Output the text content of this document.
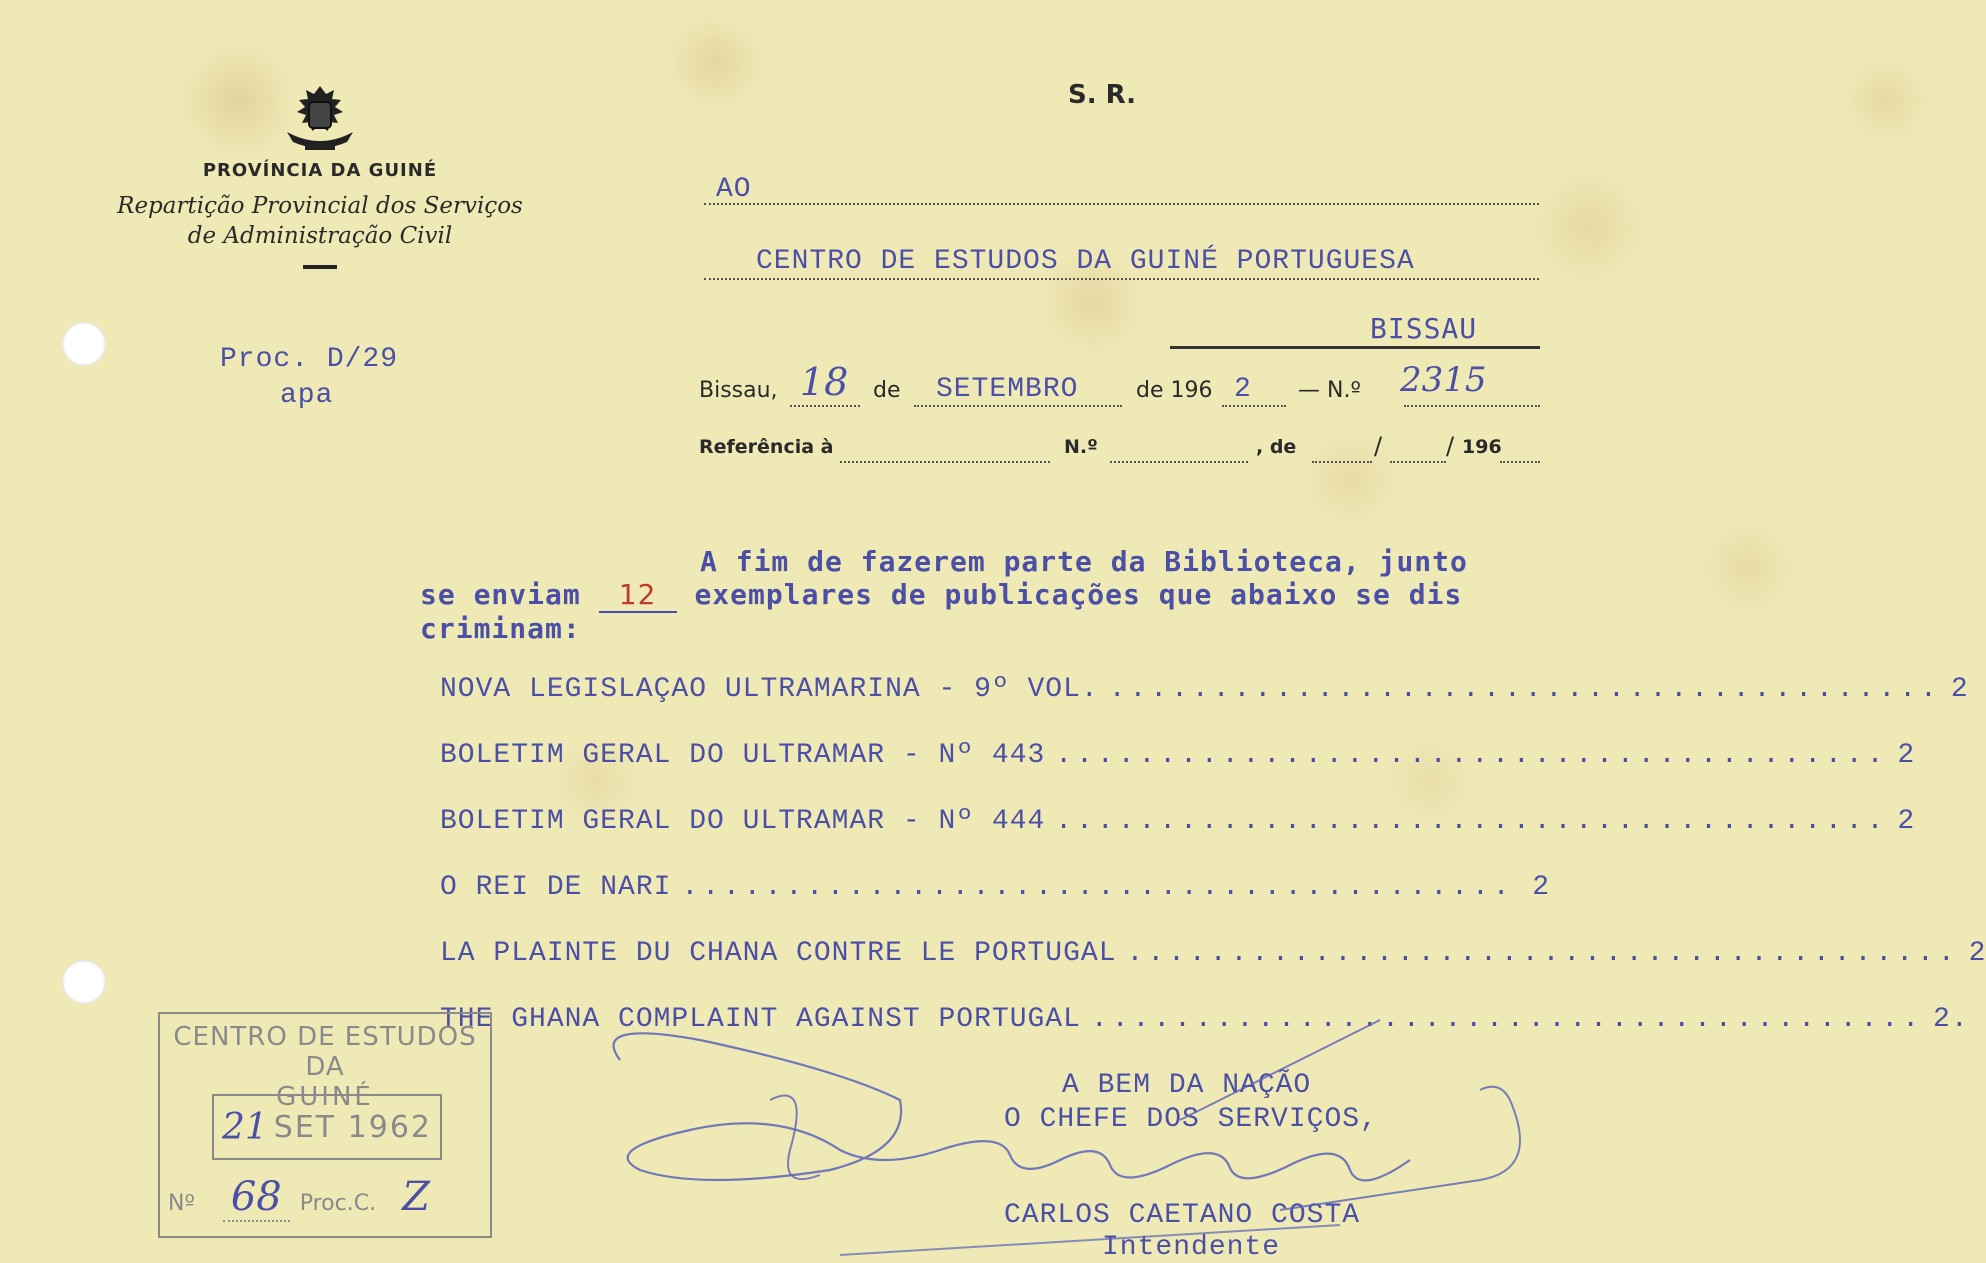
PROVÍNCIA DA GUINÉ
Repartição Provincial dos Serviços
de Administração Civil
S. R.
Proc. D/29
apa
AO
CENTRO DE ESTUDOS DA GUINÉ PORTUGUESA
BISSAU
Bissau, 18 de SETEMBRO	de 196 2 — N.º 2315
Referência à	N.º	, de	/	/ 196
A fim de fazerem parte da Biblioteca, junto
se enviam 12 exemplares de publicações que abaixo se dis
criminam:
NOVA LEGISLAÇAO ULTRAMARINA - 9º VOL. ........................................ 2
BOLETIM GERAL DO ULTRAMAR - Nº 443 ........................................ 2
BOLETIM GERAL DO ULTRAMAR - Nº 444 ........................................ 2
O REI DE NARI ........................................ 2
LA PLAINTE DU CHANA CONTRE LE PORTUGAL ........................................ 2
THE GHANA COMPLAINT AGAINST PORTUGAL ........................................ 2.
CENTRO DE ESTUDOS DA
GUINÉ
21 SET 1962
Nº 68 Proc.C. Z
A BEM DA NAÇÃO
O CHEFE DOS SERVIÇOS,
CARLOS CAETANO COSTA
Intendente
